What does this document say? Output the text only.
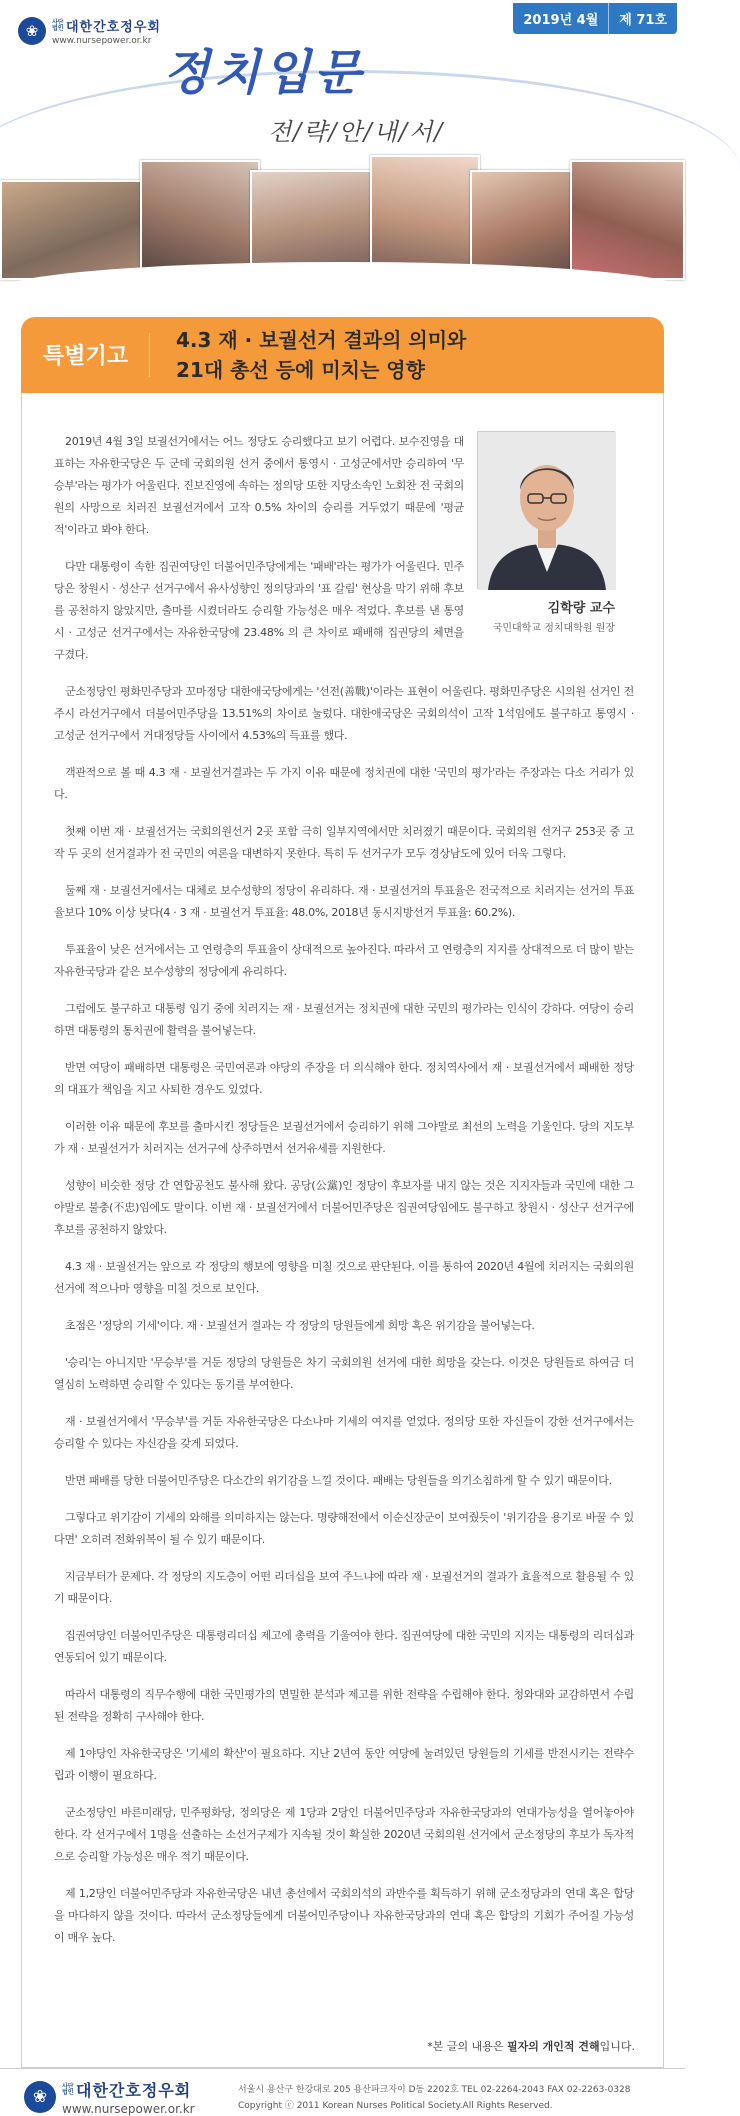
❀	사단법인 대한간호정우회
www.nursepower.or.kr
2019년 4월	제 71호
정치입문
전/략/안/내/서/
특별기고
4.3 재 · 보궐선거 결과의 의미와
21대 총선 등에 미치는 영향
김학량 교수
국민대학교 정치대학원 원장

2019년 4월 3일 보궐선거에서는 어느 정당도 승리했다고 보기 어렵다. 보수진영을 대표하는 자유한국당은 두 군데 국회의원 선거 중에서 통영시 · 고성군에서만 승리하여 '무승부'라는 평가가 어울린다. 진보진영에 속하는 정의당 또한 지당소속인 노회찬 전 국회의원의 사망으로 치러진 보궐선거에서 고작 0.5% 차이의 승리를 거두었기 때문에 '평균적'이라고 봐야 한다.

다만 대통령이 속한 집권여당인 더불어민주당에게는 '패배'라는 평가가 어울린다. 민주당은 창원시 · 성산구 선거구에서 유사성향인 정의당과의 '표 갈림' 현상을 막기 위해 후보를 공천하지 않았지만, 출마를 시켰더라도 승리할 가능성은 매우 적었다. 후보를 낸 통영시 · 고성군 선거구에서는 자유한국당에 23.48% 의 큰 차이로 패배해 집권당의 체면을 구겼다.

군소정당인 평화민주당과 꼬마정당 대한애국당에게는 '선전(善戰)'이라는 표현이 어울린다. 평화민주당은 시의원 선거인 전주시 라선거구에서 더불어민주당을 13.51%의 차이로 눌렀다. 대한애국당은 국회의석이 고작 1석임에도 불구하고 통영시 · 고성군 선거구에서 거대정당들 사이에서 4.53%의 득표를 했다.

객관적으로 볼 때 4.3 재 · 보궐선거결과는 두 가지 이유 때문에 정치권에 대한 '국민의 평가'라는 주장과는 다소 거리가 있다.

첫째 이번 재 · 보궐선거는 국회의원선거 2곳 포함 극히 일부지역에서만 치러졌기 때문이다. 국회의원 선거구 253곳 중 고작 두 곳의 선거결과가 전 국민의 여론을 대변하지 못한다. 특히 두 선거구가 모두 경상남도에 있어 더욱 그렇다.

둘째 재 · 보궐선거에서는 대체로 보수성향의 정당이 유리하다. 재 · 보궐선거의 투표율은 전국적으로 치러지는 선거의 투표율보다 10% 이상 낮다(4 · 3 재 · 보궐선거 투표율: 48.0%, 2018년 동시지방선거 투표율: 60.2%).

투표율이 낮은 선거에서는 고 연령층의 투표율이 상대적으로 높아진다. 따라서 고 연령층의 지지를 상대적으로 더 많이 받는 자유한국당과 같은 보수성향의 정당에게 유리하다.

그럼에도 불구하고 대통령 임기 중에 치러지는 재 · 보궐선거는 정치권에 대한 국민의 평가라는 인식이 강하다. 여당이 승리하면 대통령의 통치권에 활력을 불어넣는다.

반면 여당이 패배하면 대통령은 국민여론과 야당의 주장을 더 의식해야 한다. 정치역사에서 재 · 보궐선거에서 패배한 정당의 대표가 책임을 지고 사퇴한 경우도 있었다.

이러한 이유 때문에 후보를 출마시킨 정당들은 보궐선거에서 승리하기 위해 그야말로 최선의 노력을 기울인다. 당의 지도부가 재 · 보궐선거가 치러지는 선거구에 상주하면서 선거유세를 지원한다.

성향이 비슷한 정당 간 연합공천도 불사해 왔다. 공당(公黨)인 정당이 후보자를 내지 않는 것은 지지자들과 국민에 대한 그야말로 불충(不忠)임에도 말이다. 이번 재 · 보궐선거에서 더불어민주당은 집권여당임에도 불구하고 창원시 · 성산구 선거구에 후보를 공천하지 않았다.

4.3 재 · 보궐선거는 앞으로 각 정당의 행보에 영향을 미칠 것으로 판단된다. 이를 통하여 2020년 4월에 치러지는 국회의원선거에 적으나마 영향을 미칠 것으로 보인다.

초점은 '정당의 기세'이다. 재 · 보궐선거 결과는 각 정당의 당원들에게 희망 혹은 위기감을 불어넣는다.

'승리'는 아니지만 '무승부'를 거둔 정당의 당원들은 차기 국회의원 선거에 대한 희망을 갖는다. 이것은 당원들로 하여금 더 열심히 노력하면 승리할 수 있다는 동기를 부여한다.

재 · 보궐선거에서 '무승부'를 거둔 자유한국당은 다소나마 기세의 여지를 얻었다. 정의당 또한 자신들이 강한 선거구에서는 승리할 수 있다는 자신감을 갖게 되었다.

반면 패배를 당한 더불어민주당은 다소간의 위기감을 느낄 것이다. 패배는 당원들을 의기소침하게 할 수 있기 때문이다.

그렇다고 위기감이 기세의 와해를 의미하지는 않는다. 명량해전에서 이순신장군이 보여줬듯이 '위기감을 용기로 바꿀 수 있다면' 오히려 전화위복이 될 수 있기 때문이다.

지금부터가 문제다. 각 정당의 지도층이 어떤 리더십을 보여 주느냐에 따라 재 · 보궐선거의 결과가 효율적으로 활용될 수 있기 때문이다.

집권여당인 더불어민주당은 대통령리더십 제고에 총력을 기울여야 한다. 집권여당에 대한 국민의 지지는 대통령의 리더십과 연동되어 있기 때문이다.

따라서 대통령의 직무수행에 대한 국민평가의 면밀한 분석과 제고를 위한 전략을 수립해야 한다. 청와대와 교감하면서 수립된 전략을 정확히 구사해야 한다.

제 1야당인 자유한국당은 '기세의 확산'이 필요하다. 지난 2년여 동안 여당에 눌려있던 당원들의 기세를 반전시키는 전략수립과 이행이 필요하다.

군소정당인 바른미래당, 민주평화당, 정의당은 제 1당과 2당인 더불어민주당과 자유한국당과의 연대가능성을 열어놓아야 한다. 각 선거구에서 1명을 선출하는 소선거구제가 지속될 것이 확실한 2020년 국회의원 선거에서 군소정당의 후보가 독자적으로 승리할 가능성은 매우 적기 때문이다.

제 1,2당인 더불어민주당과 자유한국당은 내년 총선에서 국회의석의 과반수를 획득하기 위해 군소정당과의 연대 혹은 합당을 마다하지 않을 것이다. 따라서 군소정당들에게 더불어민주당이나 자유한국당과의 연대 혹은 합당의 기회가 주어질 가능성이 매우 높다.

*본 글의 내용은 필자의 개인적 견해입니다.
❀
사단법인 대한간호정우회
www.nursepower.or.kr
서울시 용산구 한강대로 205 용산파크자이 D동 2202호 TEL 02-2264-2043 FAX 02-2263-0328
Copyright ⓒ 2011 Korean Nurses Political Society.All Rights Reserved.
